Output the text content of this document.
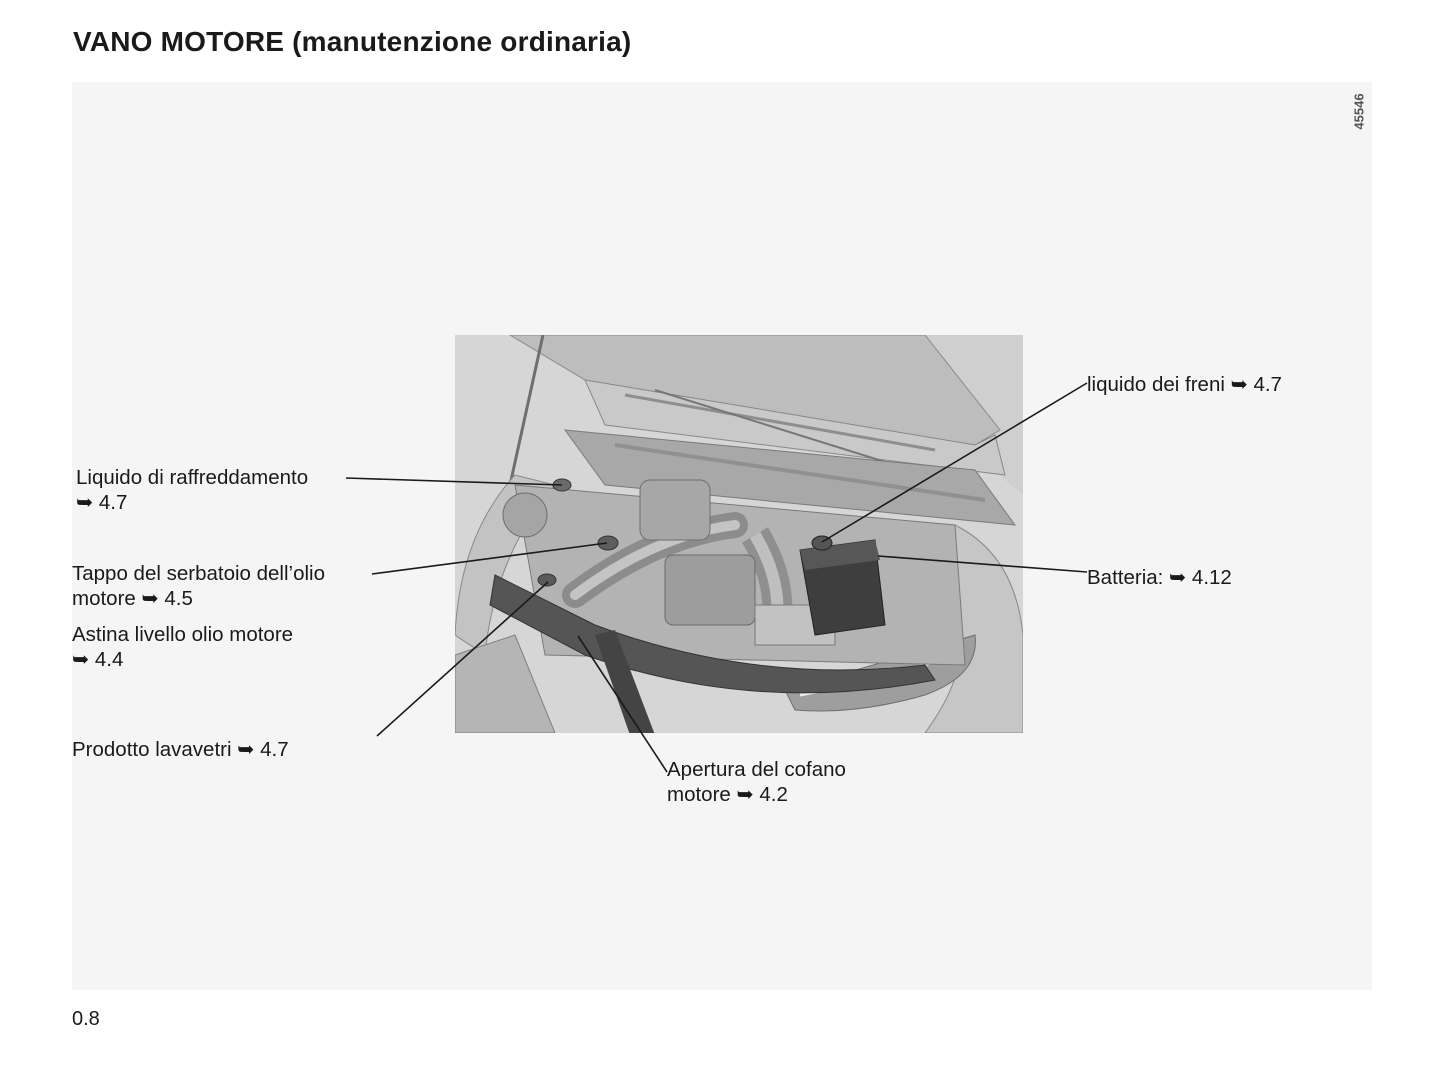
VANO MOTORE (manutenzione ordinaria)
45546
Liquido di raffreddamento
➥ 4.7
Tappo del serbatoio dell’olio
motore ➥ 4.5
Astina livello olio motore
➥ 4.4
Prodotto lavavetri ➥ 4.7
liquido dei freni ➥ 4.7
Batteria: ➥ 4.12
Apertura del cofano
motore ➥ 4.2
0.8
